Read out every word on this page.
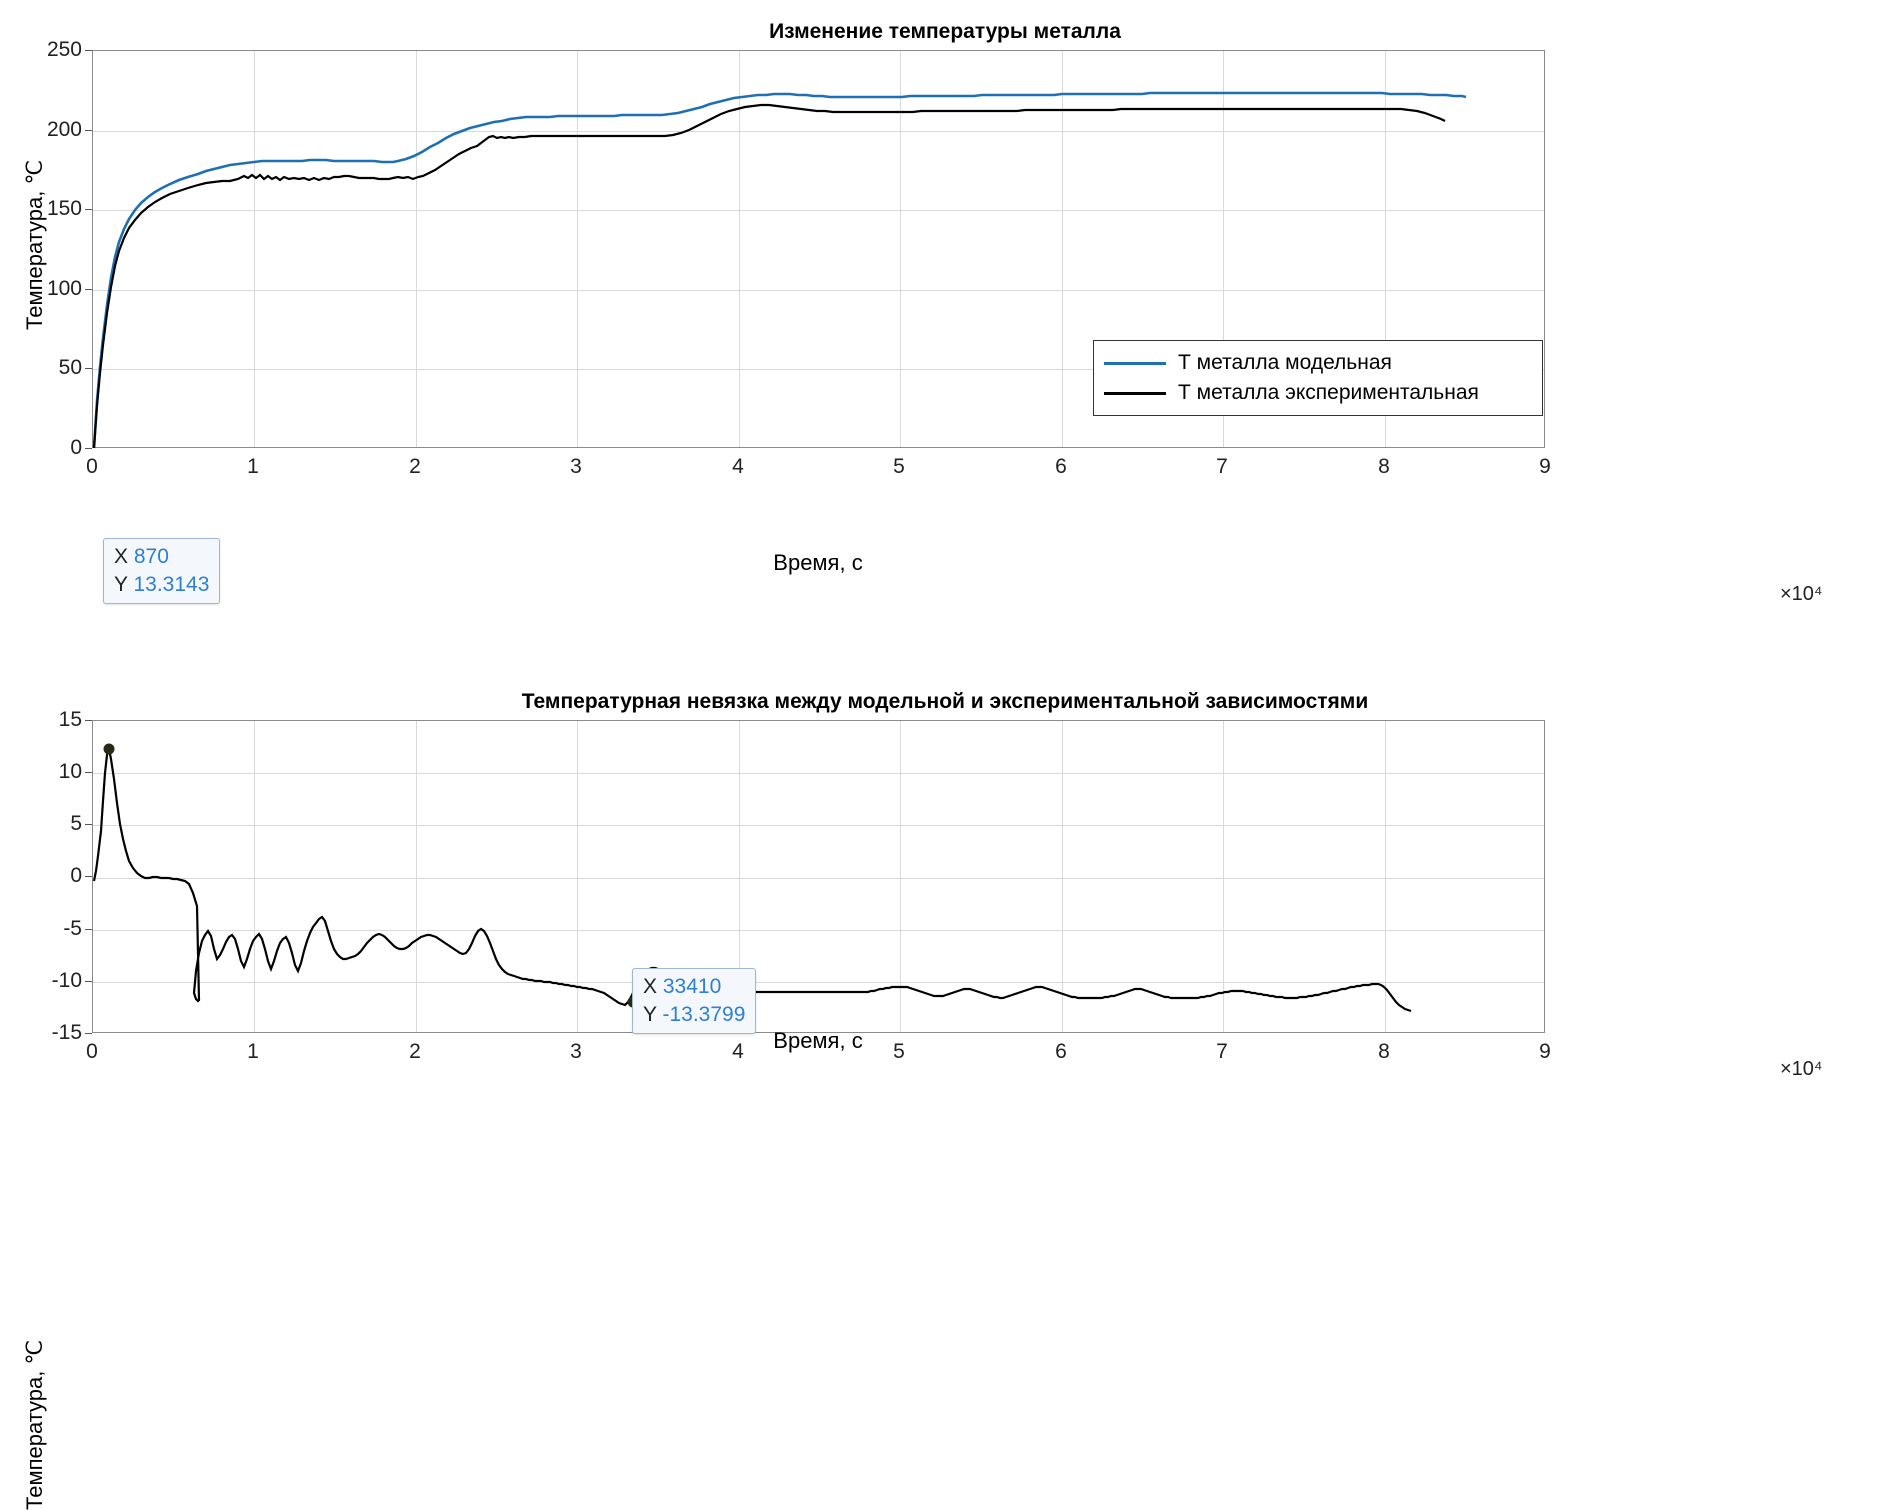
Изменение температуры металла
Температура, ℃
Т металла модельная
Т металла экспериментальная
0
50
100
150
200
250
0	1	2	3	4	5	6	7	8	9
Время, с
×10⁴
Температурная невязка между модельной и экспериментальной зависимостями
Температура, ℃
X 870
Y 13.3143
X 33410
Y -13.3799
-15
-10
-5
0
5
10
15
0	1	2	3	4	5	6	7	8	9
Время, с
×10⁴
